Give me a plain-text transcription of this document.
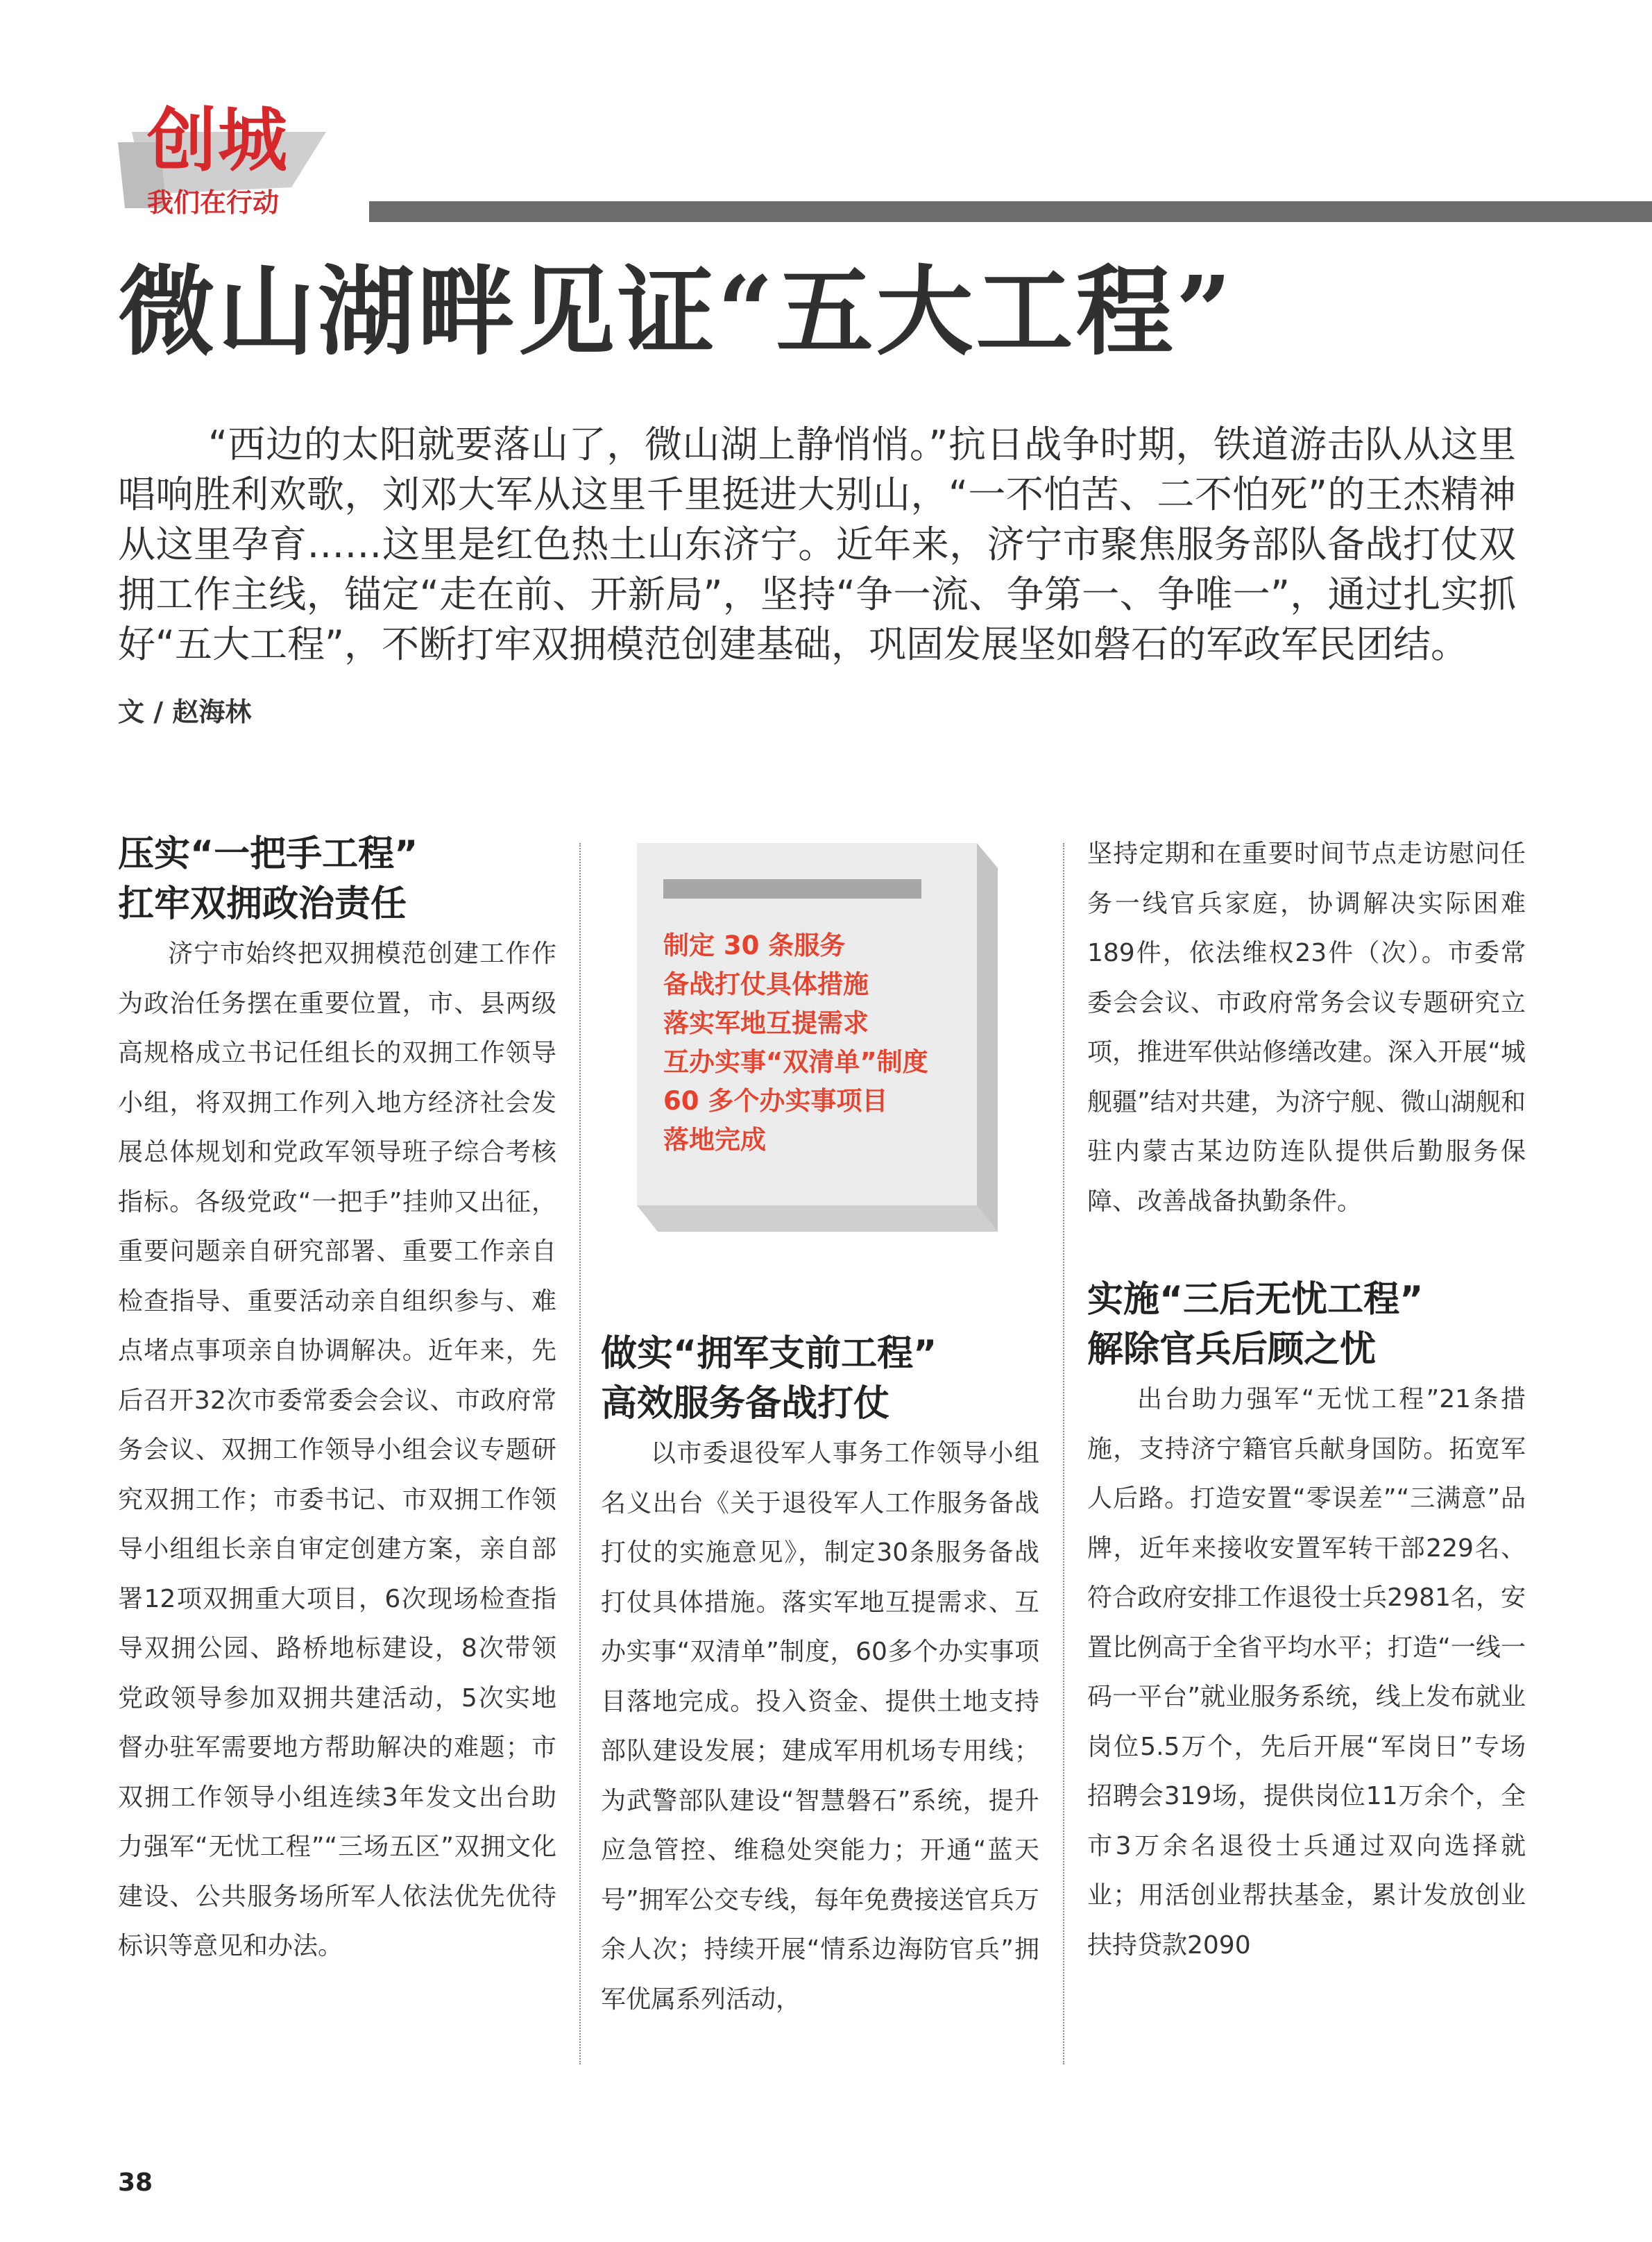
创城
我们在行动
微山湖畔见证“五大工程”

“西边的太阳就要落山了，微山湖上静悄悄。”抗日战争时期，铁道游击队从这里唱响胜利欢歌，刘邓大军从这里千里挺进大别山，“一不怕苦、二不怕死”的王杰精神从这里孕育……这里是红色热土山东济宁。近年来，济宁市聚焦服务部队备战打仗双拥工作主线，锚定“走在前、开新局”，坚持“争一流、争第一、争唯一”，通过扎实抓好“五大工程”，不断打牢双拥模范创建基础，巩固发展坚如磐石的军政军民团结。

文 / 赵海林
压实“一把手工程”
扛牢双拥政治责任

济宁市始终把双拥模范创建工作作为政治任务摆在重要位置，市、县两级高规格成立书记任组长的双拥工作领导小组，将双拥工作列入地方经济社会发展总体规划和党政军领导班子综合考核指标。各级党政“一把手”挂帅又出征，重要问题亲自研究部署、重要工作亲自检查指导、重要活动亲自组织参与、难点堵点事项亲自协调解决。近年来，先后召开32次市委常委会会议、市政府常务会议、双拥工作领导小组会议专题研究双拥工作；市委书记、市双拥工作领导小组组长亲自审定创建方案，亲自部署12项双拥重大项目，6次现场检查指导双拥公园、路桥地标建设，8次带领党政领导参加双拥共建活动，5次实地督办驻军需要地方帮助解决的难题；市双拥工作领导小组连续3年发文出台助力强军“无忧工程”“三场五区”双拥文化建设、公共服务场所军人依法优先优待标识等意见和办法。

制定 30 条服务
备战打仗具体措施
落实军地互提需求
互办实事“双清单”制度
60 多个办实事项目
落地完成
做实“拥军支前工程”
高效服务备战打仗

以市委退役军人事务工作领导小组名义出台《关于退役军人工作服务备战打仗的实施意见》，制定30条服务备战打仗具体措施。落实军地互提需求、互办实事“双清单”制度，60多个办实事项目落地完成。投入资金、提供土地支持部队建设发展；建成军用机场专用线；为武警部队建设“智慧磐石”系统，提升应急管控、维稳处突能力；开通“蓝天号”拥军公交专线，每年免费接送官兵万余人次；持续开展“情系边海防官兵”拥军优属系列活动，

坚持定期和在重要时间节点走访慰问任务一线官兵家庭，协调解决实际困难189件，依法维权23件（次）。市委常委会会议、市政府常务会议专题研究立项，推进军供站修缮改建。深入开展“城舰疆”结对共建，为济宁舰、微山湖舰和驻内蒙古某边防连队提供后勤服务保障、改善战备执勤条件。

实施“三后无忧工程”
解除官兵后顾之忧

出台助力强军“无忧工程”21条措施，支持济宁籍官兵献身国防。拓宽军人后路。打造安置“零误差”“三满意”品牌，近年来接收安置军转干部229名、符合政府安排工作退役士兵2981名，安置比例高于全省平均水平；打造“一线一码一平台”就业服务系统，线上发布就业岗位5.5万个，先后开展“军岗日”专场招聘会319场，提供岗位11万余个，全市3万余名退役士兵通过双向选择就业；用活创业帮扶基金，累计发放创业扶持贷款2090

38
